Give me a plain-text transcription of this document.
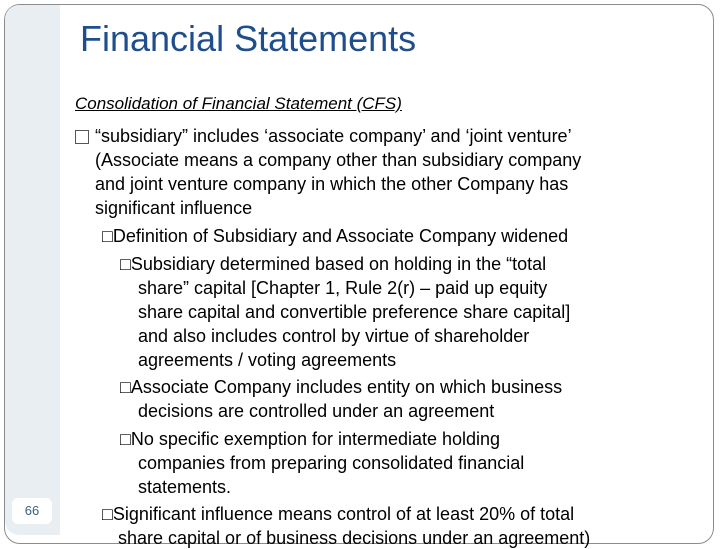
Financial Statements
66
Consolidation of Financial Statement (CFS)
“subsidiary” includes ‘associate company’ and ‘joint venture’
(Associate means a company other than subsidiary company
and joint venture company in which the other Company has
significant influence
□Definition of Subsidiary and Associate Company widened
□Subsidiary determined based on holding in the “total
share” capital [Chapter 1, Rule 2(r) – paid up equity
share capital and convertible preference share capital]
and also includes control by virtue of shareholder
agreements / voting agreements
□Associate Company includes entity on which business
decisions are controlled under an agreement
□No specific exemption for intermediate holding
companies from preparing consolidated financial
statements.
□Significant influence means control of at least 20% of total
share capital or of business decisions under an agreement)
